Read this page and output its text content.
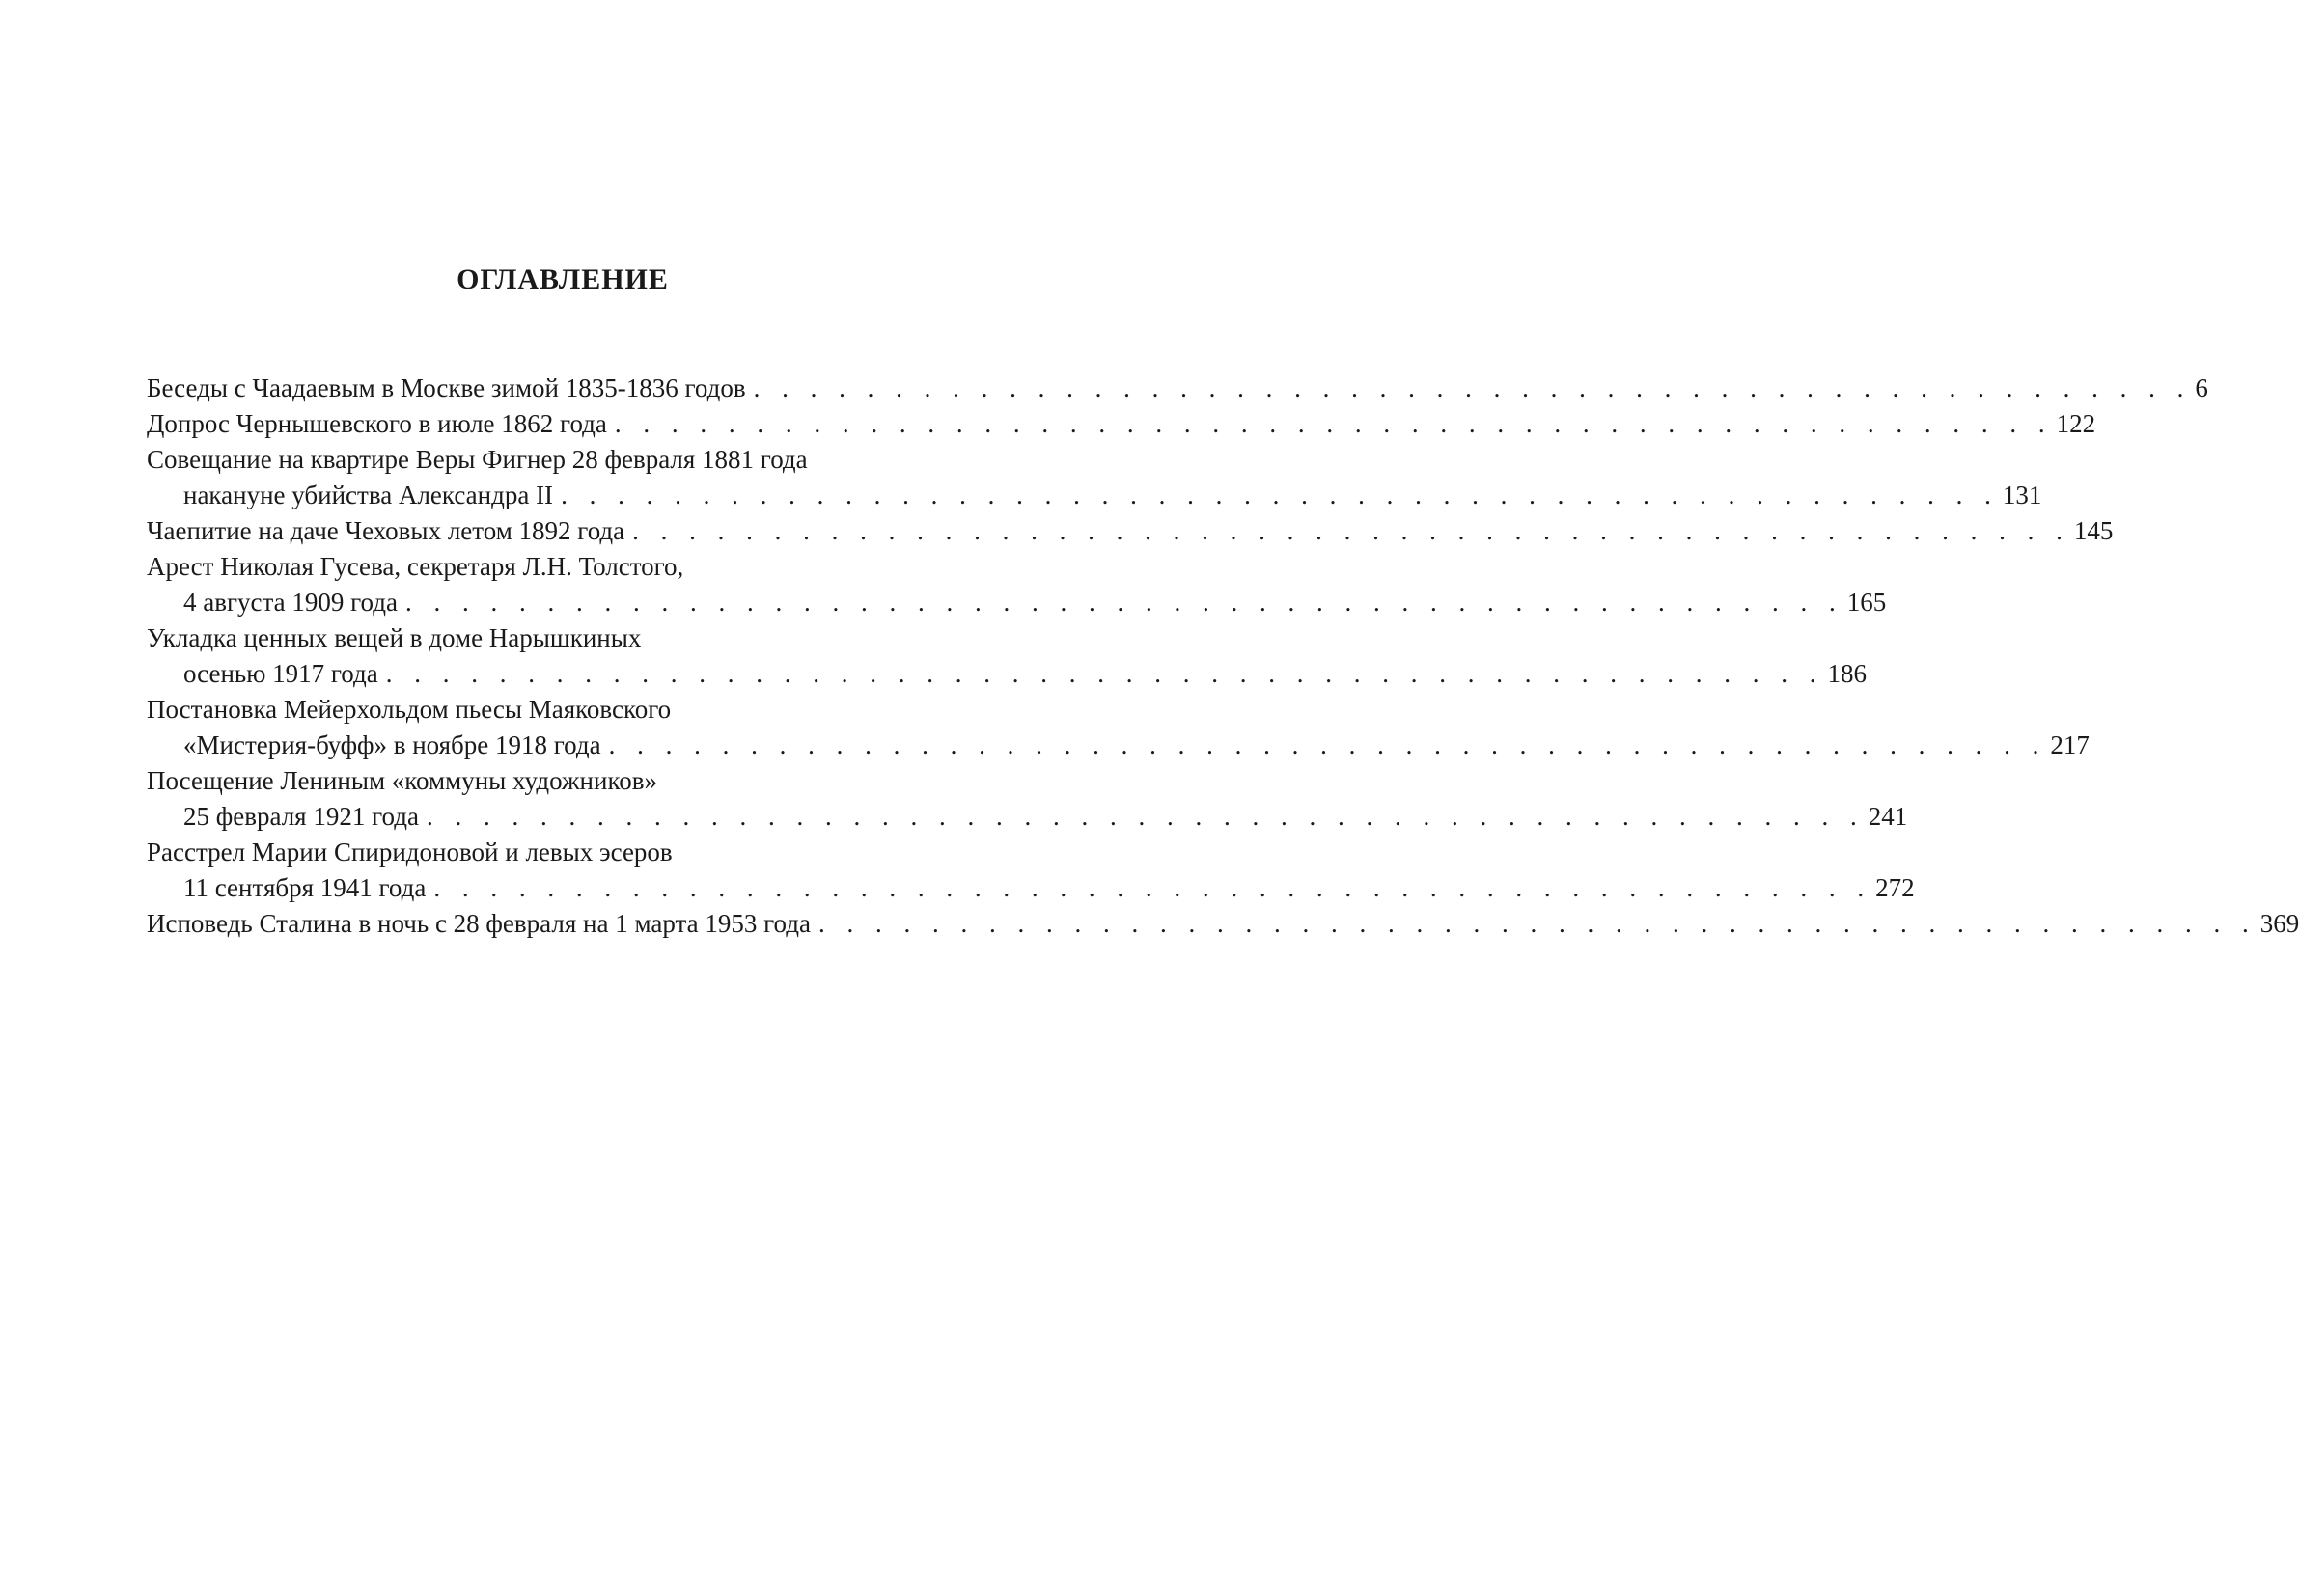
ОГЛАВЛЕНИЕ
Беседы с Чаадаевым в Москве зимой 1835-1836 годов . . . . . . . . . . . . . . . . . . . . . . . . . . . . . . . . . . . . . . . . . . . . . . . . . . . 6
Допрос Чернышевского в июле 1862 года . . . . . . . . . . . . . . . . . . . . . . . . . . . . . . . . . . . . . . . . . . . . . . . . . . . 122
Совещание на квартире Веры Фигнер 28 февраля 1881 года
накануне убийства Александра II . . . . . . . . . . . . . . . . . . . . . . . . . . . . . . . . . . . . . . . . . . . . . . . . . . . 131
Чаепитие на даче Чеховых летом 1892 года . . . . . . . . . . . . . . . . . . . . . . . . . . . . . . . . . . . . . . . . . . . . . . . . . . . 145
Арест Николая Гусева, секретаря Л.Н. Толстого,
4 августа 1909 года . . . . . . . . . . . . . . . . . . . . . . . . . . . . . . . . . . . . . . . . . . . . . . . . . . . 165
Укладка ценных вещей в доме Нарышкиных
осенью 1917 года . . . . . . . . . . . . . . . . . . . . . . . . . . . . . . . . . . . . . . . . . . . . . . . . . . . 186
Постановка Мейерхольдом пьесы Маяковского
«Мистерия-буфф» в ноябре 1918 года . . . . . . . . . . . . . . . . . . . . . . . . . . . . . . . . . . . . . . . . . . . . . . . . . . . 217
Посещение Лениным «коммуны художников»
25 февраля 1921 года . . . . . . . . . . . . . . . . . . . . . . . . . . . . . . . . . . . . . . . . . . . . . . . . . . . 241
Расстрел Марии Спиридоновой и левых эсеров
11 сентября 1941 года . . . . . . . . . . . . . . . . . . . . . . . . . . . . . . . . . . . . . . . . . . . . . . . . . . . 272
Исповедь Сталина в ночь с 28 февраля на 1 марта 1953 года . . . . . . . . . . . . . . . . . . . . . . . . . . . . . . . . . . . . . . . . . . . . . . . . . . . 369
